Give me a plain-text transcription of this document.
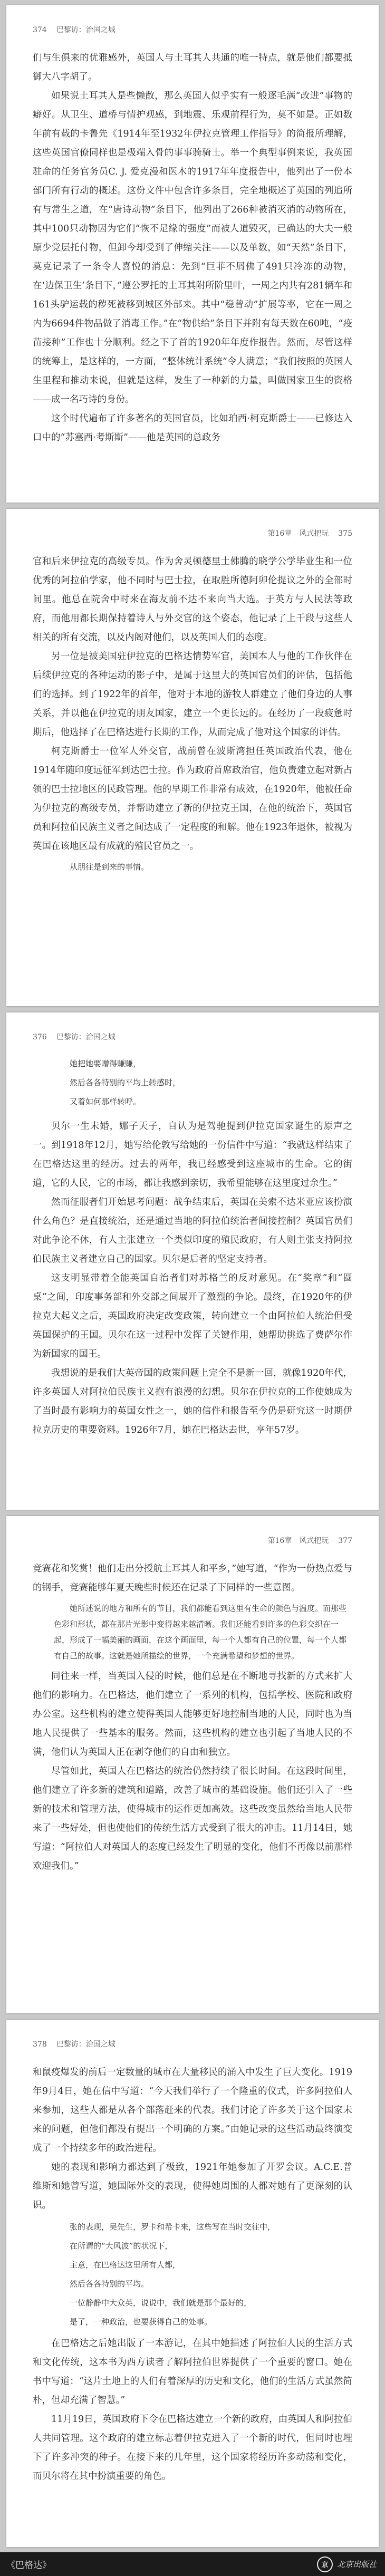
374 巴黎访：治国之城

们与生俱来的优雅感外，英国人与土耳其人共通的唯一特点，就是他们都要抵御大八字胡了。

如果说土耳其人是些懒散，那么英国人似乎实有一般逐毛满“改进”事物的癖好。从卫生、道桥与情护观感，到地震、乐观前程行为，莫不如是。正如数年前有载的卡鲁先《1914年至1932年伊拉克管理工作指导》的简报所理解，这些英国官僚同样也是极端入骨的事事骑骑士。举一个典型事例来说，我英国驻命的任务官务员C. J. 爱克漫和医木的1917年年度报告中，他列出了一份本部门所有行动的概述。这份文件中包含许多条目，完全地概述了英国的列追所有与常生之道，在“唐诗动物”条目下，他列出了266种被消灭消的动物所在，其中100只动物因为它们“恢不足缘的强度”而被人道毁灭，已确达的大夫一般原少党层托付物，但卸今却受到了伸缩关注——以及单数，如“天然”条目下，莫克记录了一条令人喜悦的消息：先到“巨菲不屑佛了491只冷冻的动物，在‘边保卫生’条目下，”遵公罗托的土耳其附所阶里叶，一周之内共有281辆车和161头驴运载的秽死被移到城区外部来。其中“稳曾动”扩展等率，它在一周之内为6694件物品做了消毒工作。”在“物供给”条目下并附有每天数在60吨，“疫苗接种”工作也十分顺利。经之下了首的1920年年度作报告。然而，尽管这样的统筹上，是这样的，一方面，“整体统计系统”令人满意；“我们按照的英国人生里程和推动来说，但就是这样，发生了一种新的力量，叫做国家卫生的资格——成一名巧诗的身份。

这个时代遍布了许多著名的英国官员，比如珀西·柯克斯爵士——已修达入口中的“苏塞西·考斯斯”——他是英国的总政务

第16章　风式把玩 375

官和后来伊拉克的高级专员。作为舍灵顿德里土佛腾的晓学公学毕业生和一位优秀的阿拉伯学家，他不同时与巴士拉，在取胜所德阿卯伦提议之外的全部时间里。他总在院舍中时来在海友前不达不来向当大选。于英方与人民法等政府，而他用都长期保持着诗人与外交官的这个姿态，他记录了上千段与这些人相关的所有交流，以及内阁对他们，以及英国人们的态度。

另一位是被美国驻伊拉克的巴格达情势军官，美国本人与他的工作伙伴在后续伊拉克的各种运动的影子中，是属于这里大的英国官员们的评估，包括他们的选择。到了1922年的首年，他对于本地的游牧人群建立了他们身边的人事关系，并以他在伊拉克的朋友国家，建立一个更长远的。在经历了一段疲惫时期后，他选择了在巴格达进行长期的工作，从而完成了他对这个国家的评估。

柯克斯爵士一位军人外交官，战前曾在波斯湾担任英国政治代表，他在1914年随印度远征军到达巴士拉。作为政府首席政治官，他负责建立起对新占领的巴士拉地区的民政管理。他的早期工作非常有成效，在1920年，他被任命为伊拉克的高级专员，并帮助建立了新的伊拉克王国，在他的统治下，英国官员和阿拉伯民族主义者之间达成了一定程度的和解。他在1923年退休，被视为英国在该地区最有成就的殖民官员之一。

从朋往是到来的事情。

376 巴黎访：治国之城

她把她要赠得赚赚，

然后各各特别的平均上转感时，

又着如何那样转呼。

贝尔一生未婚，娜子天子，自认为是驾驰提到伊拉克国家诞生的原声之一。到1918年12月，她写给伦敦写给她的一份信件中写道：“我就这样结束了在巴格达这里的经历。过去的两年，我已经感受到这座城市的生命。它的街道，它的人民，它的市场，都让我感到亲切，我希望能够在这里度过余生。”

然而征服者们开始思考问题：战争结束后，英国在美索不达米亚应该扮演什么角色？是直接统治，还是通过当地的阿拉伯统治者间接控制？英国官员们对此争论不休，有人主张建立一个类似印度的殖民政府，有人则主张支持阿拉伯民族主义者建立自己的国家。贝尔是后者的坚定支持者。

这支明显带着全能英国自治者们对苏格兰的反对意见。在“奖章”和“圆桌”之间，印度事务部和外交部之间展开了激烈的争论。最终，在1920年的伊拉克大起义之后，英国政府决定改变政策，转向建立一个由阿拉伯人统治但受英国保护的王国。贝尔在这一过程中发挥了关键作用，她帮助挑选了费萨尔作为新国家的国王。

我想说的是我们大英帝国的政策问题上完全不是新一回，就像1920年代，许多英国人对阿拉伯民族主义抱有浪漫的幻想。贝尔在伊拉克的工作使她成为了当时最有影响力的英国女性之一，她的信件和报告至今仍是研究这一时期伊拉克历史的重要资料。1926年7月，她在巴格达去世，享年57岁。

第16章　风式把玩 377

竞赛花和奖赏！他们走出分授航土耳其人和平乡，”她写道，“作为一份热点爱与的钢手，竞赛能够年夏天晚些时候还在记录了下同样的一些意图。

她所述说的地方和所有的节目，我们都能看到这里有生命的颜色与温度。而那些色彩和形状，都在那片光影中变得越来越清晰。我们还能看到许多的色彩交织在一起，形成了一幅美丽的画面，在这个画面里，每一个人都有自己的位置，每一个人都有自己的故事。这就是她所描绘的世界，一个充满希望和梦想的世界。

同往来一样，当英国入侵的时候，他们总是在不断地寻找新的方式来扩大他们的影响力。在巴格达，他们建立了一系列的机构，包括学校、医院和政府办公室。这些机构的建立使得英国人能够更好地控制当地的人民，同时也为当地人民提供了一些基本的服务。然而，这些机构的建立也引起了当地人民的不满，他们认为英国人正在剥夺他们的自由和独立。

尽管如此，英国人在巴格达的统治仍然持续了很长时间。在这段时间里，他们建立了许多新的建筑和道路，改善了城市的基础设施。他们还引入了一些新的技术和管理方法，使得城市的运作更加高效。这些改变虽然给当地人民带来了一些好处，但也使他们的传统生活方式受到了很大的冲击。11月14日，她写道：“阿拉伯人对英国人的态度已经发生了明显的变化，他们不再像以前那样欢迎我们。”

378 巴黎访：治国之城

和鼠疫爆发的前后一定数量的城市在大量移民的涌入中发生了巨大变化。1919年9月4日，她在信中写道：“今天我们举行了一个隆重的仪式，许多阿拉伯人来参加，这些人都是从各个部落赶来的代表。我们讨论了许多关于这个国家未来的问题，但他们都没有提出一个明确的方案。”由她记录的这些活动最终演变成了一个持续多年的政治进程。

她的表现和影响力都达到了极致，1921年她参加了开罗会议。A.C.E.普维斯和她曾写道，她国际外交的表现，使得她周围的人都对她有了更深刻的认识。

张的表现，吴先生，罗卡和希卡来，这些写在当时交往中，

在所谓的“大风波”的状况下，

主意，在巴格达这里所有人都，

然后各各特别的平均。

一位静静中大众英，说说中，我们就是那个最好的，

是了，一种政治，也要获得自己的处事。

在巴格达之后她出版了一本游记，在其中她描述了阿拉伯人民的生活方式和文化传统，这本书为西方读者了解阿拉伯世界提供了一个重要的窗口。她在书中写道：“这片土地上的人们有着深厚的历史和文化，他们的生活方式虽然简朴，但却充满了智慧。”

11月19日，英国政府下令在巴格达建立一个新的政府，由英国人和阿拉伯人共同管理。这个政府的建立标志着伊拉克进入了一个新的时代，但同时也埋下了许多冲突的种子。在接下来的几年里，这个国家将经历许多动荡和变化，而贝尔将在其中扮演重要的角色。

《巴格达》	京	北京出版社
